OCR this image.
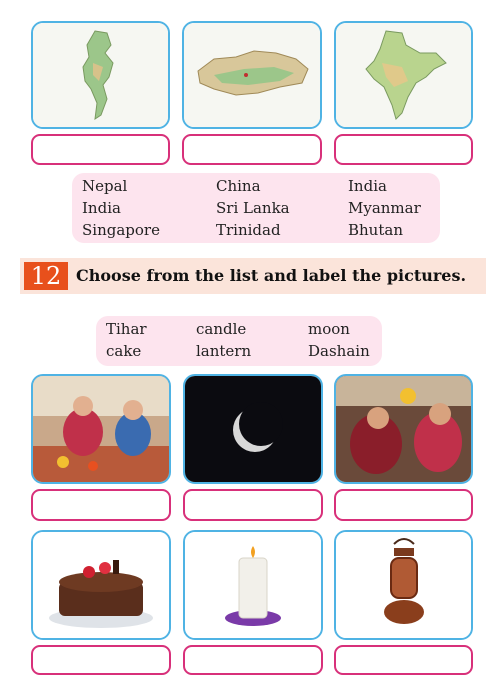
Nepal	China	India
India	Sri Lanka	Myanmar
Singapore	Trinidad	Bhutan
12 Choose from the list and label the pictures.
Tihar	candle	moon
cake	lantern	Dashain
